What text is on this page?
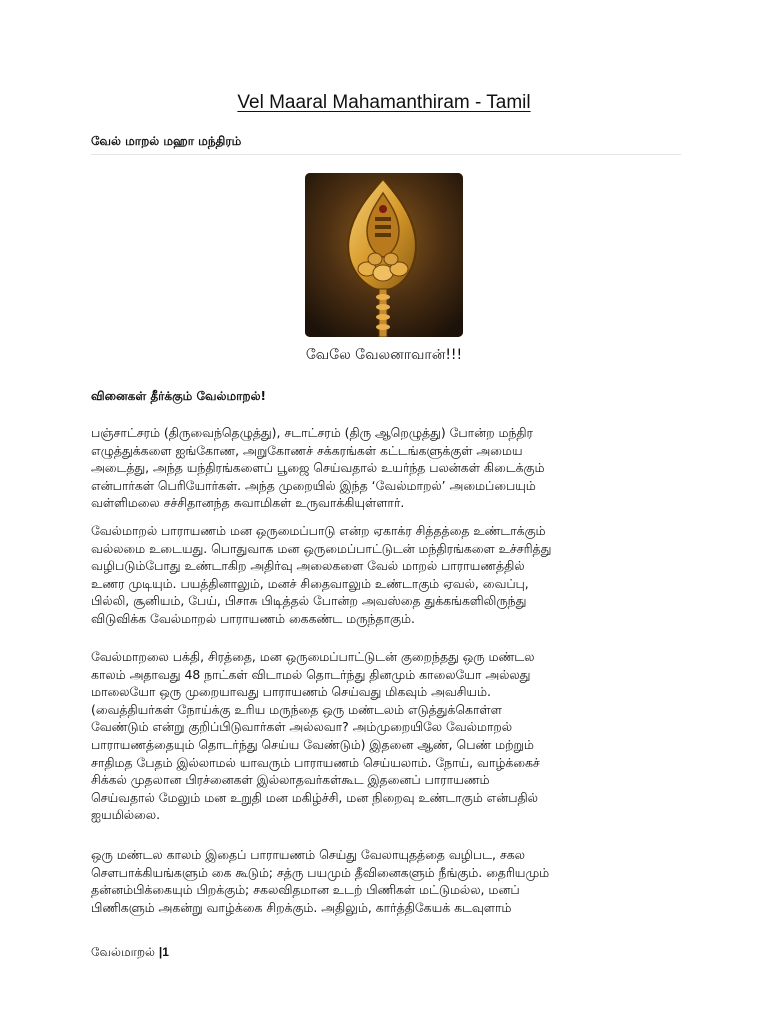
Vel Maaral Mahamanthiram - Tamil
வேல் மாறல் மஹா மந்திரம்
வேலே வேலனாவான்!!!
வினைகள் தீர்க்கும் வேல்மாறல்!
பஞ்சாட்சரம் (திருவைந்தெழுத்து), சடாட்சரம் (திரு ஆறெழுத்து) போன்ற மந்திர
எழுத்துக்களை ஐங்கோண, அறுகோணச் சக்கரங்கள் கட்டங்களுக்குள் அமைய
அடைத்து, அந்த யந்திரங்களைப் பூஜை செய்வதால் உயர்ந்த பலன்கள் கிடைக்கும்
என்பார்கள் பெரியோர்கள். அந்த முறையில் இந்த ‘வேல்மாறல்’ அமைப்பையும்
வள்ளிமலை சச்சிதானந்த சுவாமிகள் உருவாக்கியுள்ளார்.
வேல்மாறல் பாராயணம் மன ஒருமைப்பாடு என்ற ஏகாக்ர சித்தத்தை உண்டாக்கும்
வல்லமை உடையது. பொதுவாக மன ஒருமைப்பாட்டுடன் மந்திரங்களை உச்சரித்து
வழிபடும்போது உண்டாகிற அதிர்வு அலைகளை வேல் மாறல் பாராயணத்தில்
உணர முடியும். பயத்தினாலும், மனச் சிதைவாலும் உண்டாகும் ஏவல், வைப்பு,
பில்லி, சூனியம், பேய், பிசாசு பிடித்தல் போன்ற அவஸ்தை துக்கங்களிலிருந்து
விடுவிக்க வேல்மாறல் பாராயணம் கைகண்ட மருந்தாகும்.
வேல்மாறலை பக்தி, சிரத்தை, மன ஒருமைப்பாட்டுடன் குறைந்தது ஒரு மண்டல
காலம் அதாவது 48 நாட்கள் விடாமல் தொடர்ந்து தினமும் காலையோ அல்லது
மாலையோ ஒரு முறையாவது பாராயணம் செய்வது மிகவும் அவசியம்.
(வைத்தியர்கள் நோய்க்கு உரிய மருந்தை ஒரு மண்டலம் எடுத்துக்கொள்ள
வேண்டும் என்று குறிப்பிடுவார்கள் அல்லவா? அம்முறையிலே வேல்மாறல்
பாராயணத்தையும் தொடர்ந்து செய்ய வேண்டும்) இதனை ஆண், பெண் மற்றும்
சாதிமத பேதம் இல்லாமல் யாவரும் பாராயணம் செய்யலாம். நோய், வாழ்க்கைச்
சிக்கல் முதலான பிரச்னைகள் இல்லாதவர்கள்கூட இதனைப் பாராயணம்
செய்வதால் மேலும் மன உறுதி மன மகிழ்ச்சி, மன நிறைவு உண்டாகும் என்பதில்
ஐயமில்லை.
ஒரு மண்டல காலம் இதைப் பாராயணம் செய்து வேலாயுதத்தை வழிபட, சகல
சௌபாக்கியங்களும் கை கூடும்; சத்ரு பயமும் தீவினைகளும் நீங்கும். தைரியமும்
தன்னம்பிக்கையும் பிறக்கும்; சகலவிதமான உடற் பிணிகள் மட்டுமல்ல, மனப்
பிணிகளும் அகன்று வாழ்க்கை சிறக்கும். அதிலும், கார்த்திகேயக் கடவுளாம்
வேல்மாறல் |1
